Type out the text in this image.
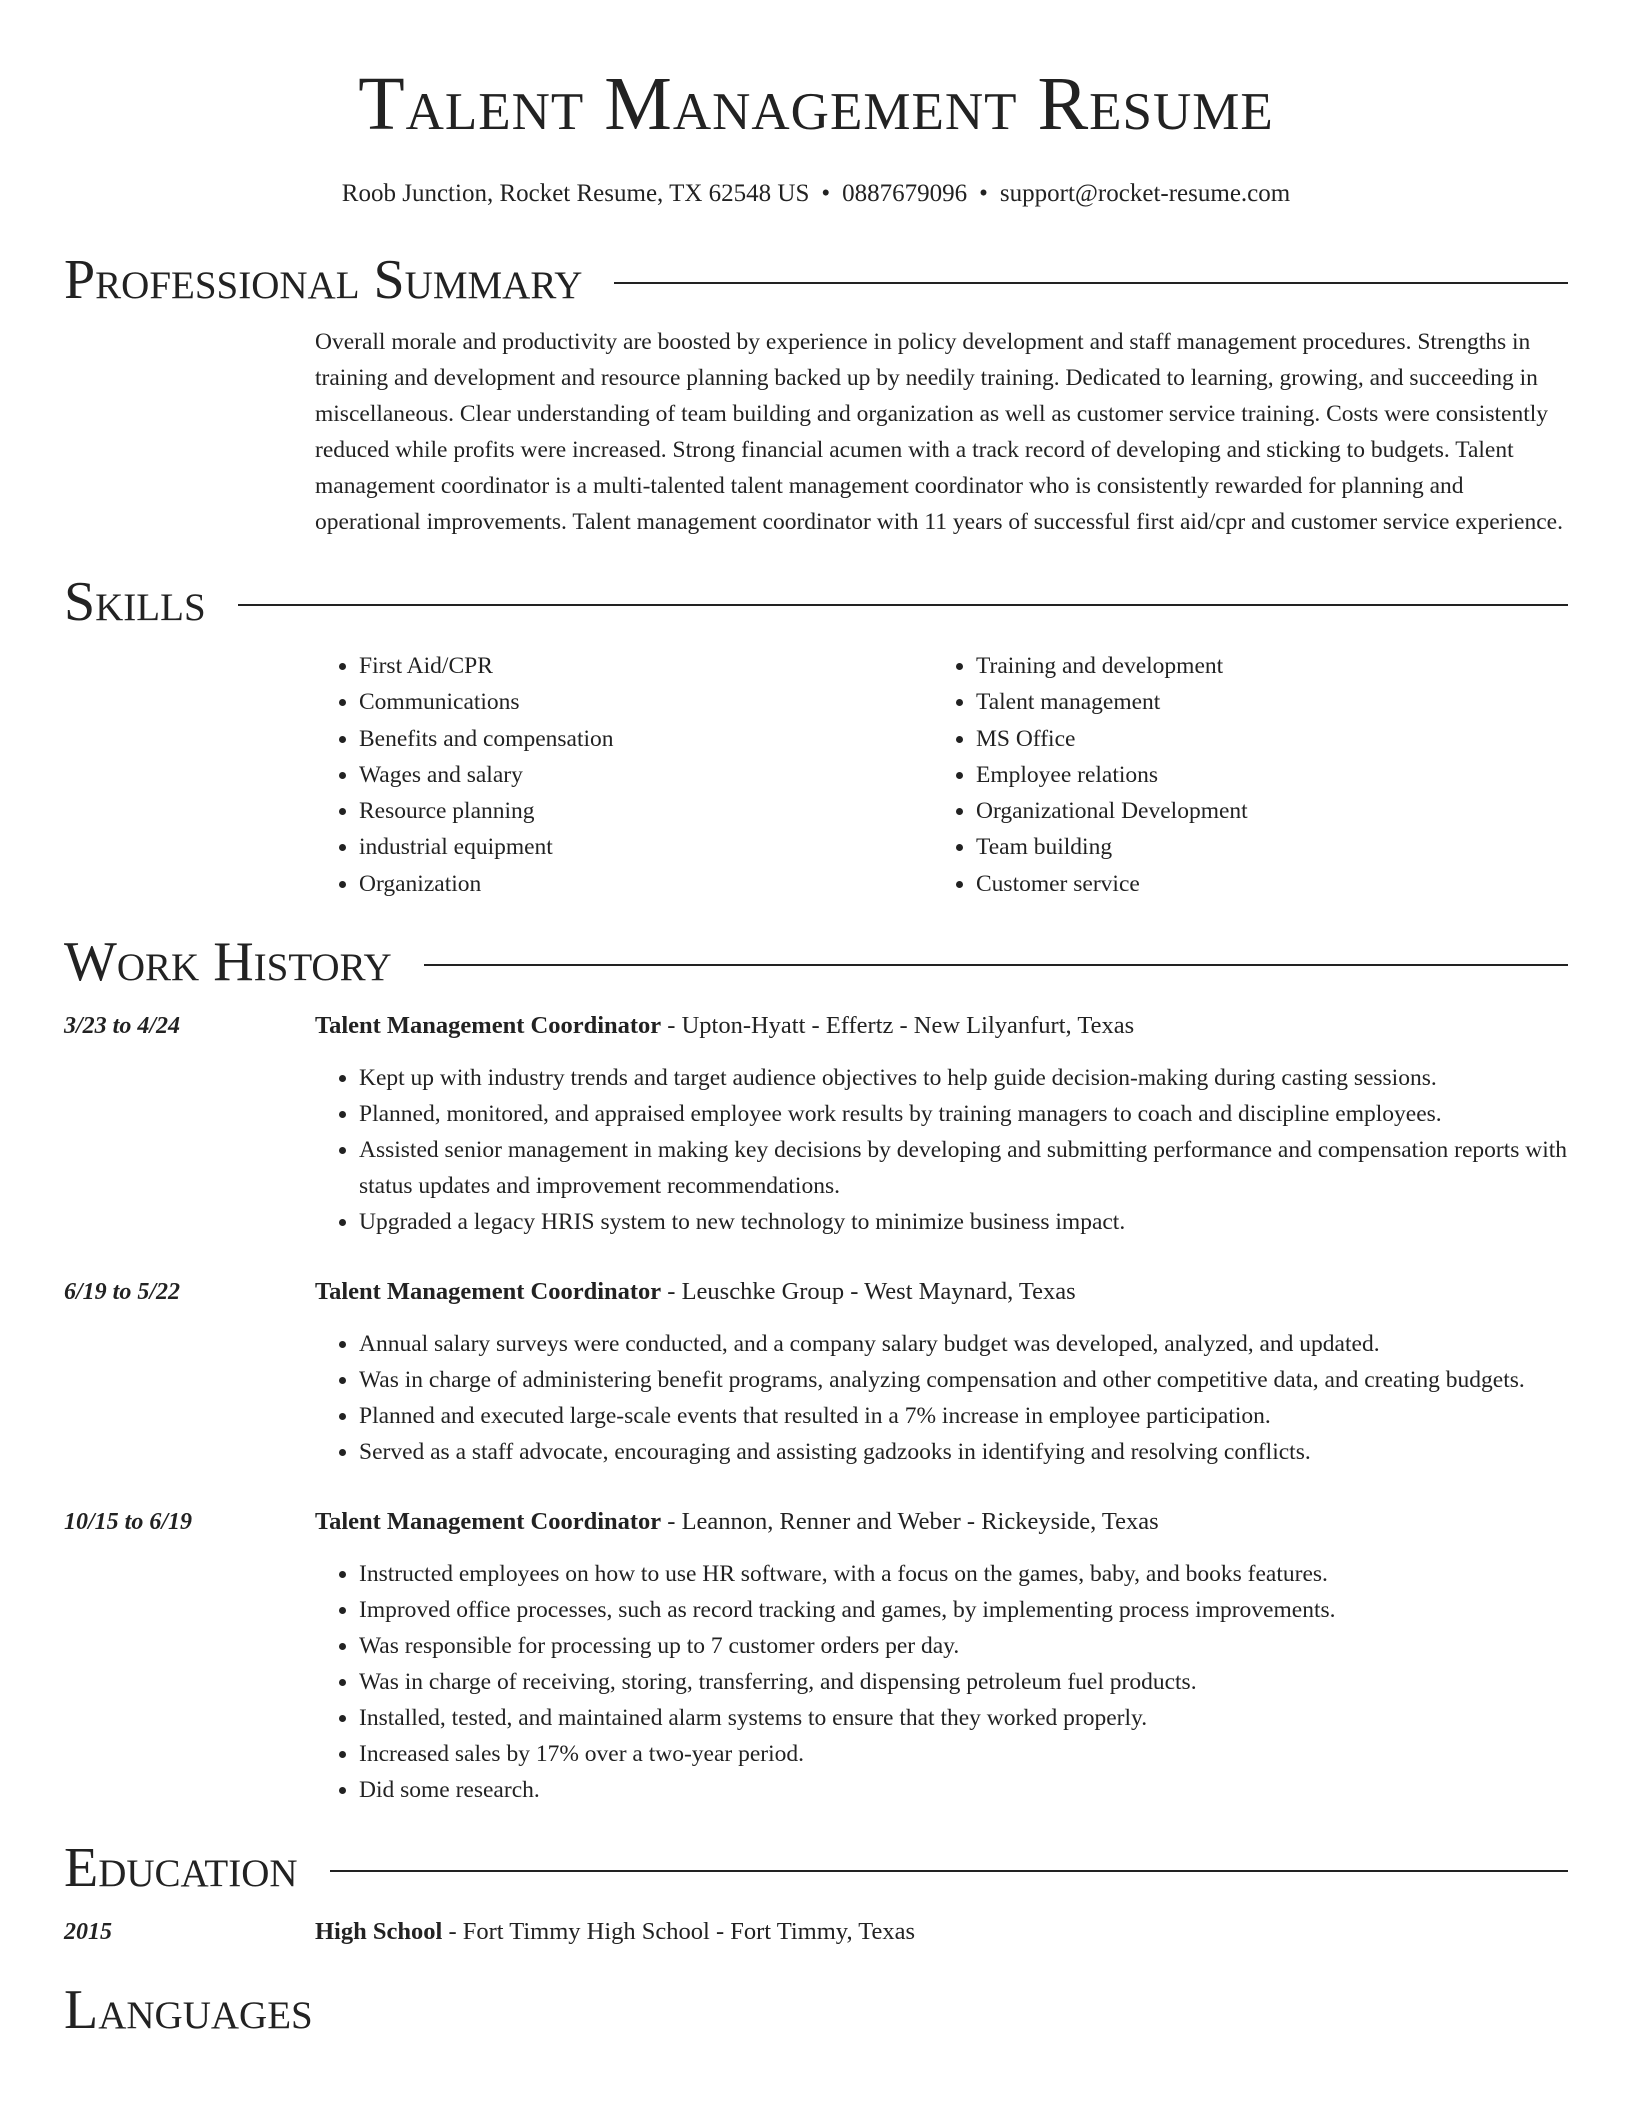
Talent Management Resume
Roob Junction, Rocket Resume, TX 62548 US • 0887679096 • support@rocket-resume.com
Professional Summary

Overall morale and productivity are boosted by experience in policy development and staff management procedures. Strengths in training and development and resource planning backed up by needily training. Dedicated to learning, growing, and succeeding in miscellaneous. Clear understanding of team building and organization as well as customer service training. Costs were consistently reduced while profits were increased. Strong financial acumen with a track record of developing and sticking to budgets. Talent management coordinator is a multi-talented talent management coordinator who is consistently rewarded for planning and operational improvements. Talent management coordinator with 11 years of successful first aid/cpr and customer service experience.

Skills
• First Aid/CPR
• Communications
• Benefits and compensation
• Wages and salary
• Resource planning
• industrial equipment
• Organization
• Training and development
• Talent management
• MS Office
• Employee relations
• Organizational Development
• Team building
• Customer service
Work History
3/23 to 4/24	Talent Management Coordinator - Upton-Hyatt - Effertz - New Lilyanfurt, Texas
• Kept up with industry trends and target audience objectives to help guide decision-making during casting sessions.
• Planned, monitored, and appraised employee work results by training managers to coach and discipline employees.
• Assisted senior management in making key decisions by developing and submitting performance and compensation reports with status updates and improvement recommendations.
• Upgraded a legacy HRIS system to new technology to minimize business impact.
6/19 to 5/22	Talent Management Coordinator - Leuschke Group - West Maynard, Texas
• Annual salary surveys were conducted, and a company salary budget was developed, analyzed, and updated.
• Was in charge of administering benefit programs, analyzing compensation and other competitive data, and creating budgets.
• Planned and executed large-scale events that resulted in a 7% increase in employee participation.
• Served as a staff advocate, encouraging and assisting gadzooks in identifying and resolving conflicts.
10/15 to 6/19	Talent Management Coordinator - Leannon, Renner and Weber - Rickeyside, Texas
• Instructed employees on how to use HR software, with a focus on the games, baby, and books features.
• Improved office processes, such as record tracking and games, by implementing process improvements.
• Was responsible for processing up to 7 customer orders per day.
• Was in charge of receiving, storing, transferring, and dispensing petroleum fuel products.
• Installed, tested, and maintained alarm systems to ensure that they worked properly.
• Increased sales by 17% over a two-year period.
• Did some research.
Education
2015	High School - Fort Timmy High School - Fort Timmy, Texas
Languages
